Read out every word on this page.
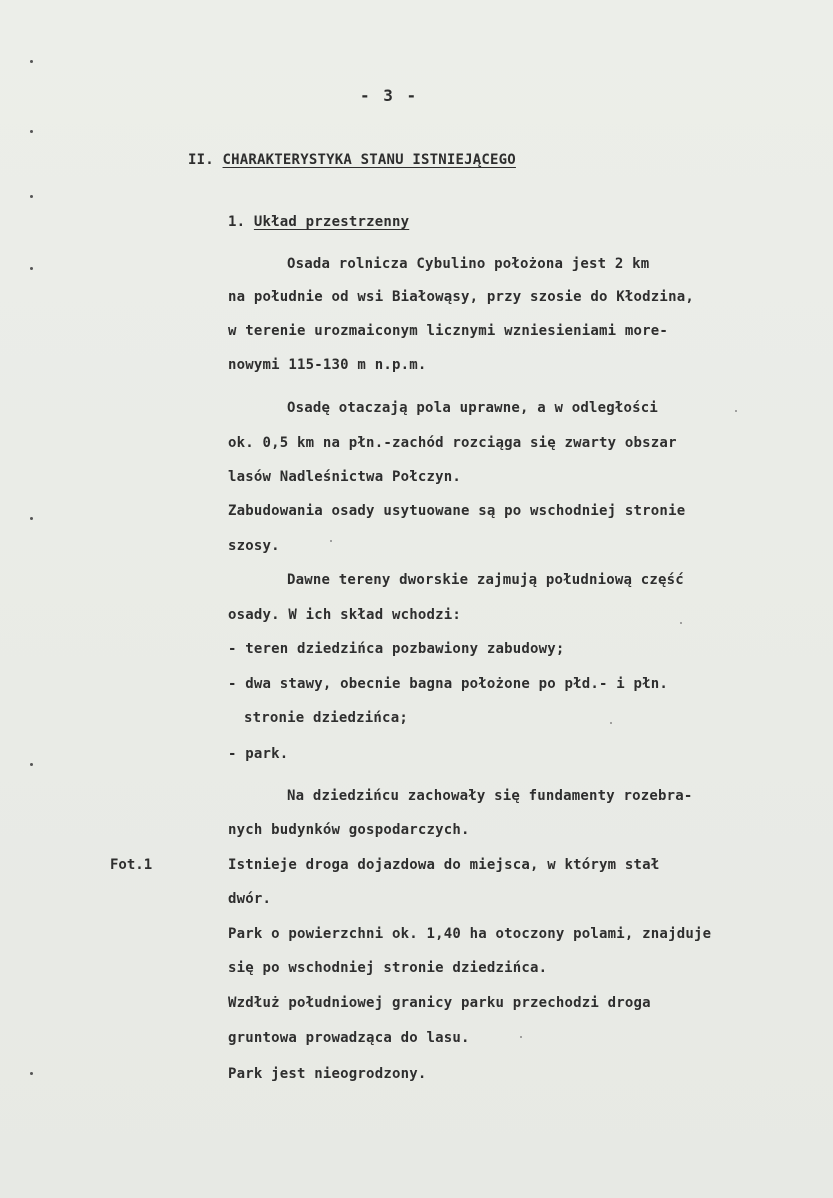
- 3 -
II. CHARAKTERYSTYKA STANU ISTNIEJĄCEGO
1. Układ przestrzenny
Osada rolnicza Cybulino położona jest 2 km
na południe od wsi Białowąsy, przy szosie do Kłodzina,
w terenie urozmaiconym licznymi wzniesieniami more-
nowymi 115-130 m n.p.m.
Osadę otaczają pola uprawne, a w odległości
ok. 0,5 km na płn.-zachód rozciąga się zwarty obszar
lasów Nadleśnictwa Połczyn.
Zabudowania osady usytuowane są po wschodniej stronie
szosy.
Dawne tereny dworskie zajmują południową część
osady. W ich skład wchodzi:
- teren dziedzińca pozbawiony zabudowy;
- dwa stawy, obecnie bagna położone po płd.- i płn.
stronie dziedzińca;
- park.
Na dziedzińcu zachowały się fundamenty rozebra-
nych budynków gospodarczych.
Fot.1	Istnieje droga dojazdowa do miejsca, w którym stał
dwór.
Park o powierzchni ok. 1,40 ha otoczony polami, znajduje
się po wschodniej stronie dziedzińca.
Wzdłuż południowej granicy parku przechodzi droga
gruntowa prowadząca do lasu.
Park jest nieogrodzony.
